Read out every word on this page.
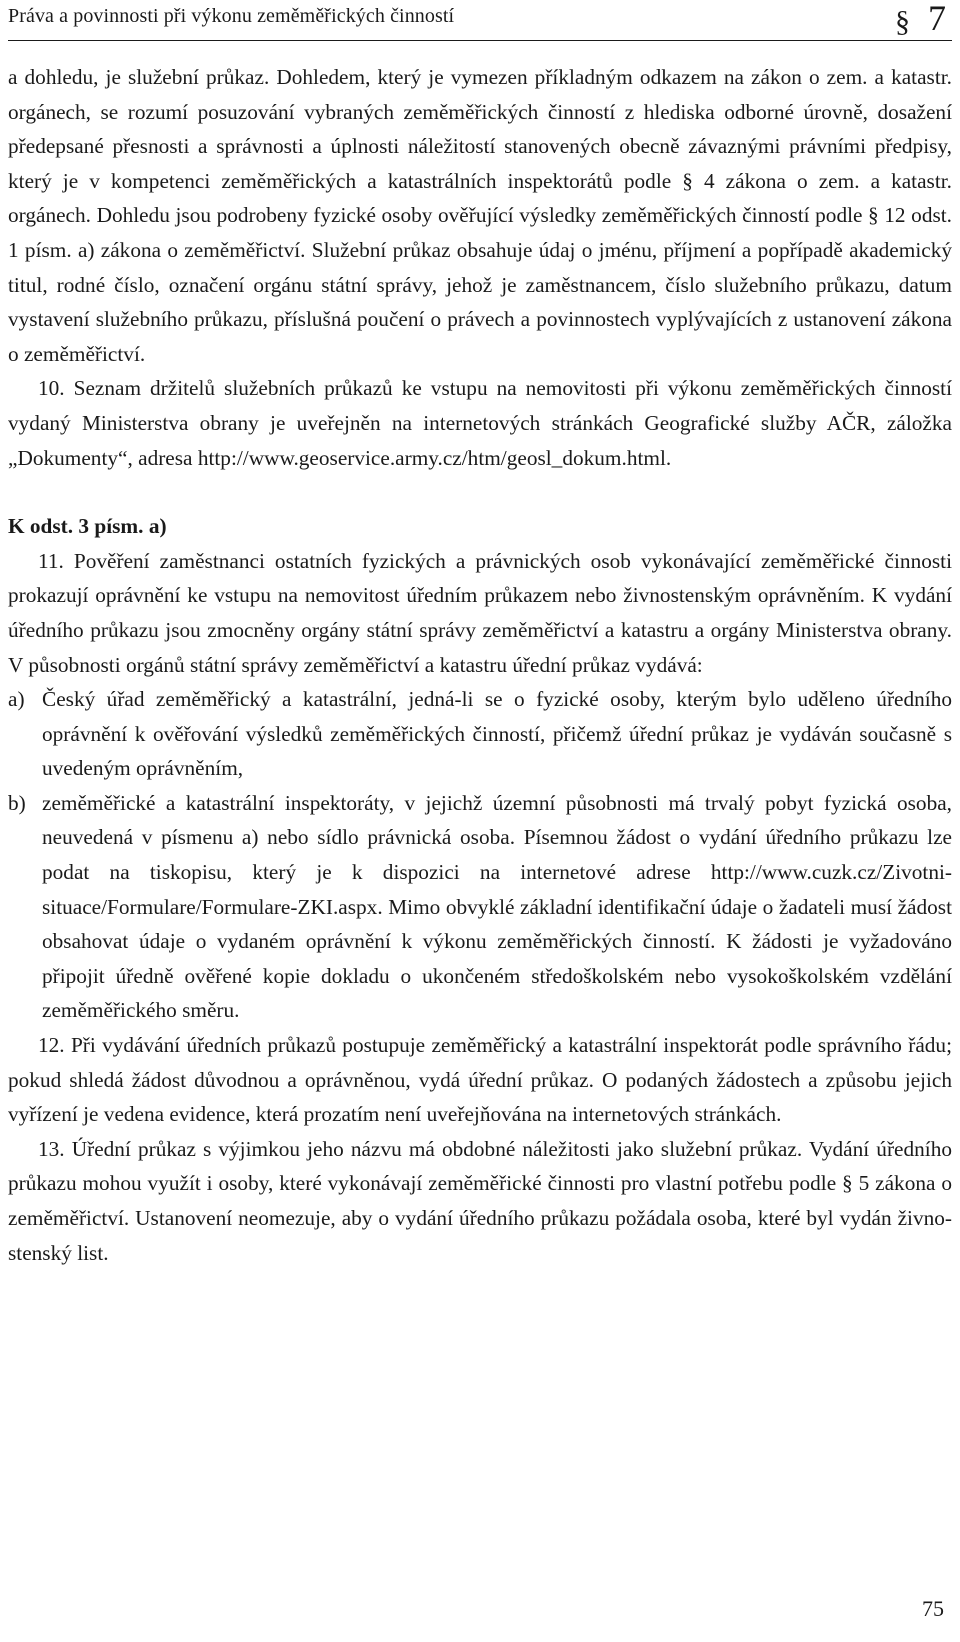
Práva a povinnosti při výkonu zeměměřických činností	§ 7

a dohledu, je služební průkaz. Dohledem, který je vymezen příkladným odkazem na zákon o zem. a katastr. orgánech, se rozumí posuzování vybraných zeměměřických činností z hlediska odborné úrovně, dosažení předepsané přesnosti a správnosti a úplnosti náležitostí stanovených obecně závaznými právními předpisy, který je v kompetenci zeměměřických a katastrálních inspektorátů podle § 4 zákona o zem. a katastr. orgánech. Dohledu jsou podrobeny fyzické osoby ověřující výsledky zeměměřických činností podle § 12 odst. 1 písm. a) zákona o zeměměřictví. Služební průkaz obsahuje údaj o jménu, příjmení a popřípadě akademický titul, rodné číslo, označení orgánu státní správy, jehož je zaměstnancem, číslo služebního průkazu, datum vystavení služebního průkazu, příslušná poučení o právech a povinnostech vyplývajících z ustanovení zákona o zeměměřictví.

10. Seznam držitelů služebních průkazů ke vstupu na nemovitosti při výkonu zeměměřických činností vydaný Ministerstva obrany je uveřejněn na internetových stránkách Geografické služby AČR, záložka „Dokumenty“, adresa http://www.geoservice.army.cz/htm/geosl_dokum.html.

K odst. 3 písm. a)

11. Pověření zaměstnanci ostatních fyzických a právnických osob vykonávající zeměměřické činnosti prokazují oprávnění ke vstupu na nemovitost úředním průkazem nebo živnostenským oprávněním. K vydání úředního průkazu jsou zmocněny orgány státní správy zeměměřictví a katastru a orgány Ministerstva obrany. V působnosti orgánů státní správy zeměměřictví a katastru úřední průkaz vydává:

a) Český úřad zeměměřický a katastrální, jedná-li se o fyzické osoby, kterým bylo uděleno úředního oprávnění k ověřování výsledků zeměměřických činností, přičemž úřední průkaz je vydáván současně s uvedeným oprávněním,
b) zeměměřické a katastrální inspektoráty, v jejichž územní působnosti má trvalý pobyt fyzická osoba, neuvedená v písmenu a) nebo sídlo právnická osoba. Písemnou žádost o vydání úředního průkazu lze podat na tiskopisu, který je k dispozici na internetové adrese http://www.cuzk.cz/Zivotni-situace/Formulare/Formulare-ZKI.aspx. Mimo obvyklé základní identifikační údaje o žadateli musí žádost obsahovat údaje o vydaném oprávnění k výkonu zeměměřických činností. K žádosti je vyžadováno připojit úředně ověřené kopie dokladu o ukončeném středoškolském nebo vysokoškolském vzdělání zeměměřického směru.

12. Při vydávání úředních průkazů postupuje zeměměřický a katastrální inspektorát podle správního řádu; pokud shledá žádost důvodnou a oprávněnou, vydá úřední průkaz. O podaných žádostech a způsobu jejich vyřízení je vedena evidence, která prozatím není uveřejňována na internetových stránkách.

13. Úřední průkaz s výjimkou jeho názvu má obdobné náležitosti jako služební průkaz. Vydání úředního průkazu mohou využít i osoby, které vykonávají zeměměřické činnosti pro vlastní potřebu podle § 5 zákona o zeměměřictví. Ustanovení neomezuje, aby o vydání úředního průkazu požádala osoba, které byl vydán živnostenský list.

75
